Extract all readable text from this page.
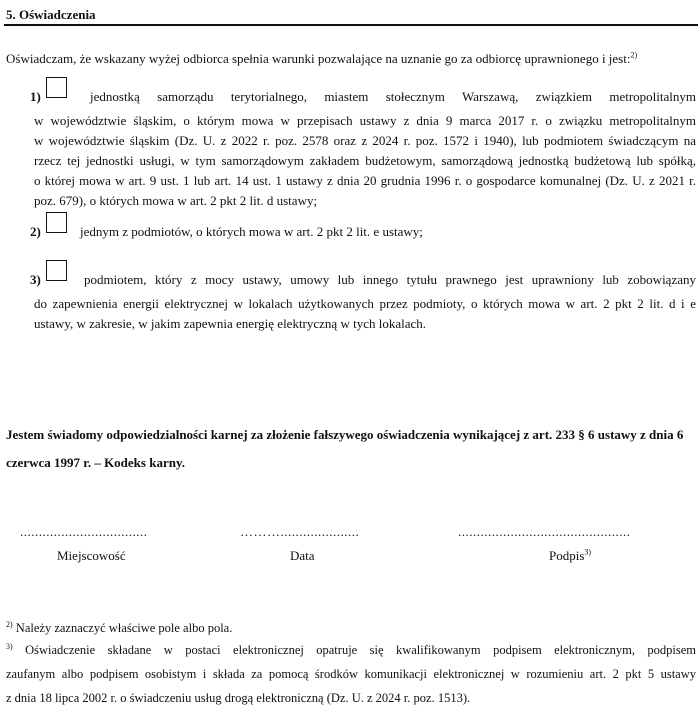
5. Oświadczenia
Oświadczam, że wskazany wyżej odbiorca spełnia warunki pozwalające na uznanie go za odbiorcę uprawnionego i jest:$^{2)}$
1)	jednostką samorządu terytorialnego, miastem stołecznym Warszawą, związkiem metropolitalnym
w województwie śląskim, o którym mowa w przepisach ustawy z dnia 9 marca 2017 r. o związku metropolitalnym
w województwie śląskim (Dz. U. z 2022 r. poz. 2578 oraz z 2024 r. poz. 1572 i 1940), lub podmiotem świadczącym na
rzecz tej jednostki usługi, w tym samorządowym zakładem budżetowym, samorządową jednostką budżetową lub spółką,
o której mowa w art. 9 ust. 1 lub art. 14 ust. 1 ustawy z dnia 20 grudnia 1996 r. o gospodarce komunalnej (Dz. U. z 2021 r.
poz. 679), o których mowa w art. 2 pkt 2 lit. d ustawy;
2)	jednym z podmiotów, o których mowa w art. 2 pkt 2 lit. e ustawy;
3)	podmiotem, który z mocy ustawy, umowy lub innego tytułu prawnego jest uprawniony lub zobowiązany
do zapewnienia energii elektrycznej w lokalach użytkowanych przez podmioty, o których mowa w art. 2 pkt 2 lit. d i e
ustawy, w zakresie, w jakim zapewnia energię elektryczną w tych lokalach.
Jestem świadomy odpowiedzialności karnej za złożenie fałszywego oświadczenia wynikającej z art. 233 § 6 ustawy z dnia 6 czerwca 1997 r. – Kodeks karny.
..................................	……….....................	..............................................
Miejscowość	Data	Podpis$^{3)}$
$^{2)}$ Należy zaznaczyć właściwe pole albo pola.
$^{3)}$ Oświadczenie składane w postaci elektronicznej opatruje się kwalifikowanym podpisem elektronicznym, podpisem
zaufanym albo podpisem osobistym i składa za pomocą środków komunikacji elektronicznej w rozumieniu art. 2 pkt 5 ustawy
z dnia 18 lipca 2002 r. o świadczeniu usług drogą elektroniczną (Dz. U. z 2024 r. poz. 1513).
